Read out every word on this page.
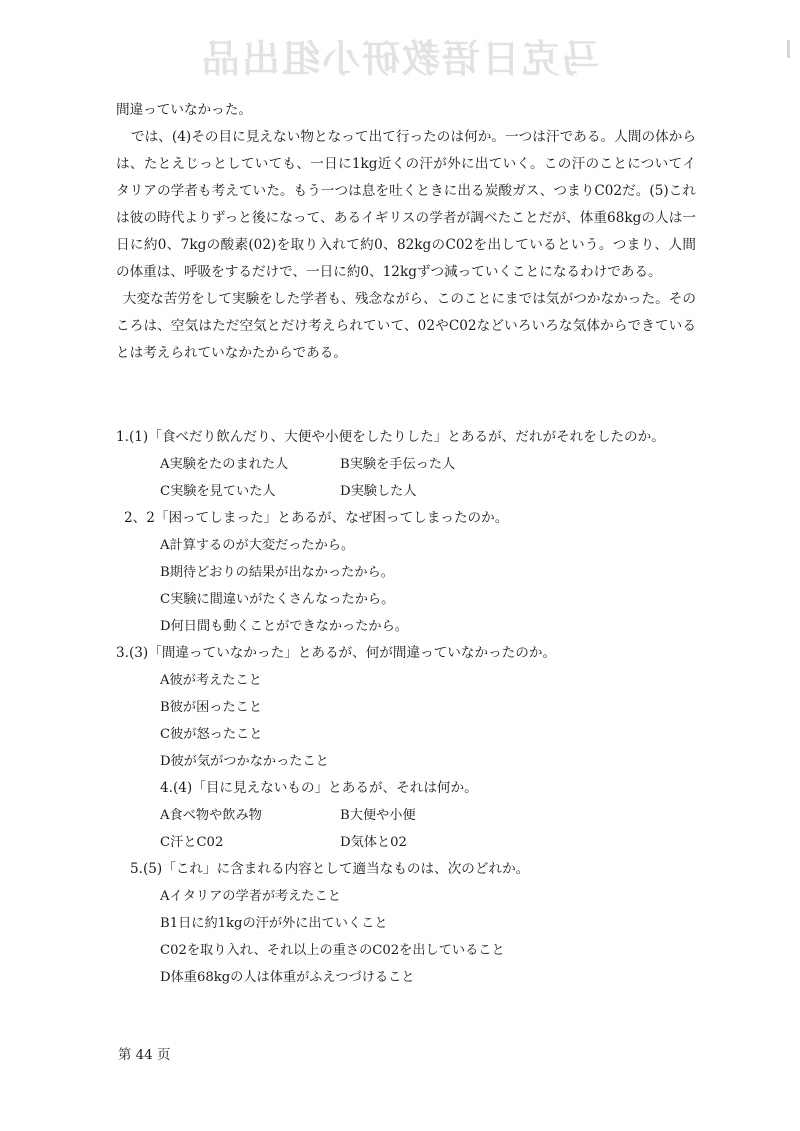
马克日语教研小组出品

間違っていなかった。

では、(4)その目に見えない物となって出て行ったのは何か。一つは汗である。人間の体からは、たとえじっとしていても、一日に1kg近くの汗が外に出ていく。この汗のことについてイタリアの学者も考えていた。もう一つは息を吐くときに出る炭酸ガス、つまりC02だ。(5)これは彼の時代よりずっと後になって、あるイギリスの学者が調べたことだが、体重68kgの人は一日に約0、7kgの酸素(02)を取り入れて約0、82kgのC02を出しているという。つまり、人間の体重は、呼吸をするだけで、一日に約0、12kgずつ減っていくことになるわけである。

大変な苦労をして実験をした学者も、残念ながら、このことにまでは気がつかなかった。そのころは、空気はただ空気とだけ考えられていて、02やC02などいろいろな気体からできているとは考えられていなかたからである。

1.(1)「食べだり飲んだり、大便や小便をしたりした」とあるが、だれがそれをしたのか。

A実験をたのまれた人	B実験を手伝った人
C実験を見ていた人	D実験した人

2、2「困ってしまった」とあるが、なぜ困ってしまったのか。

A計算するのが大変だったから。
B期待どおりの結果が出なかったから。
C実験に間違いがたくさんなったから。
D何日間も動くことができなかったから。

3.(3)「間違っていなかった」とあるが、何が間違っていなかったのか。

A彼が考えたこと
B彼が困ったこと
C彼が怒ったこと
D彼が気がつかなかったこと

4.(4)「目に見えないもの」とあるが、それは何か。

A食べ物や飲み物	B大便や小便
C汗とC02	D気体と02

5.(5)「これ」に含まれる内容として適当なものは、次のどれか。

Aイタリアの学者が考えたこと
B1日に約1kgの汗が外に出ていくこと
C02を取り入れ、それ以上の重さのC02を出していること
D体重68kgの人は体重がふえつづけること
第 44 页
